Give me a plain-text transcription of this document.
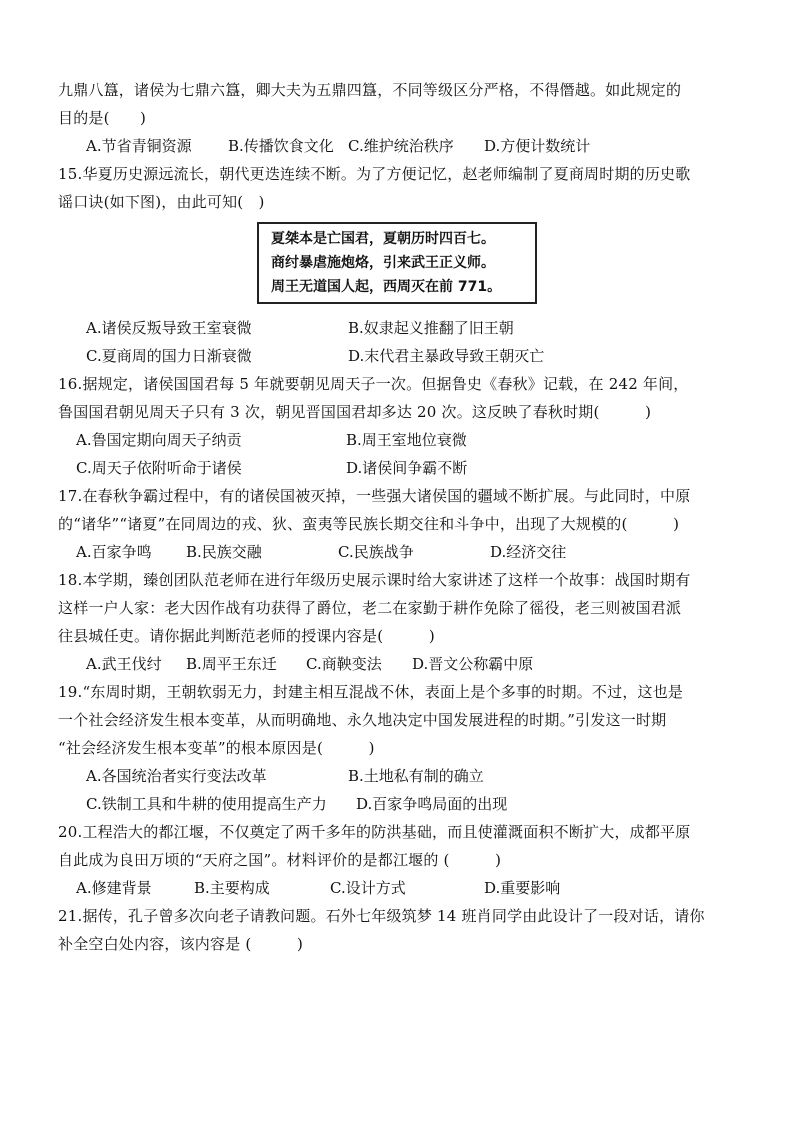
九鼎八簋，诸侯为七鼎六簋，卿大夫为五鼎四簋，不同等级区分严格，不得僭越。如此规定的
目的是(　　)
A.节省青铜资源 B.传播饮食文化 C.维护统治秩序 D.方便计数统计
15.华夏历史源远流长，朝代更迭连续不断。为了方便记忆，赵老师编制了夏商周时期的历史歌
谣口诀(如下图)，由此可知(　)
夏桀本是亡国君，夏朝历时四百七。
商纣暴虐施炮烙，引来武王正义师。
周王无道国人起，西周灭在前 771。
A.诸侯反叛导致王室衰微	B.奴隶起义推翻了旧王朝
C.夏商周的国力日渐衰微	D.末代君主暴政导致王朝灭亡
16.据规定，诸侯国国君每 5 年就要朝见周天子一次。但据鲁史《春秋》记载，在 242 年间，
鲁国国君朝见周天子只有 3 次，朝见晋国国君却多达 20 次。这反映了春秋时期(　　　)
A.鲁国定期向周天子纳贡	B.周王室地位衰微
C.周天子依附听命于诸侯	D.诸侯间争霸不断
17.在春秋争霸过程中，有的诸侯国被灭掉，一些强大诸侯国的疆域不断扩展。与此同时，中原
的“诸华”“诸夏”在同周边的戎、狄、蛮夷等民族长期交往和斗争中，出现了大规模的(　　　)
A.百家争鸣 B.民族交融	C.民族战争	D.经济交往
18.本学期，臻创团队范老师在进行年级历史展示课时给大家讲述了这样一个故事：战国时期有
这样一户人家：老大因作战有功获得了爵位，老二在家勤于耕作免除了徭役，老三则被国君派
往县城任吏。请你据此判断范老师的授课内容是(　　　)
A.武王伐纣 B.周平王东迁 C.商鞅变法 D.晋文公称霸中原
19.“东周时期，王朝软弱无力，封建主相互混战不休，表面上是个多事的时期。不过，这也是
一个社会经济发生根本变革，从而明确地、永久地决定中国发展进程的时期。”引发这一时期
“社会经济发生根本变革”的根本原因是(　　　)
A.各国统治者实行变法改革	B.土地私有制的确立
C.铁制工具和牛耕的使用提高生产力 D.百家争鸣局面的出现
20.工程浩大的都江堰，不仅奠定了两千多年的防洪基础，而且使灌溉面积不断扩大，成都平原
自此成为良田万顷的“天府之国”。材料评价的是都江堰的 (　　　)
A.修建背景	B.主要构成	C.设计方式	D.重要影响
21.据传，孔子曾多次向老子请教问题。石外七年级筑梦 14 班肖同学由此设计了一段对话，请你
补全空白处内容，该内容是 (　　　)
